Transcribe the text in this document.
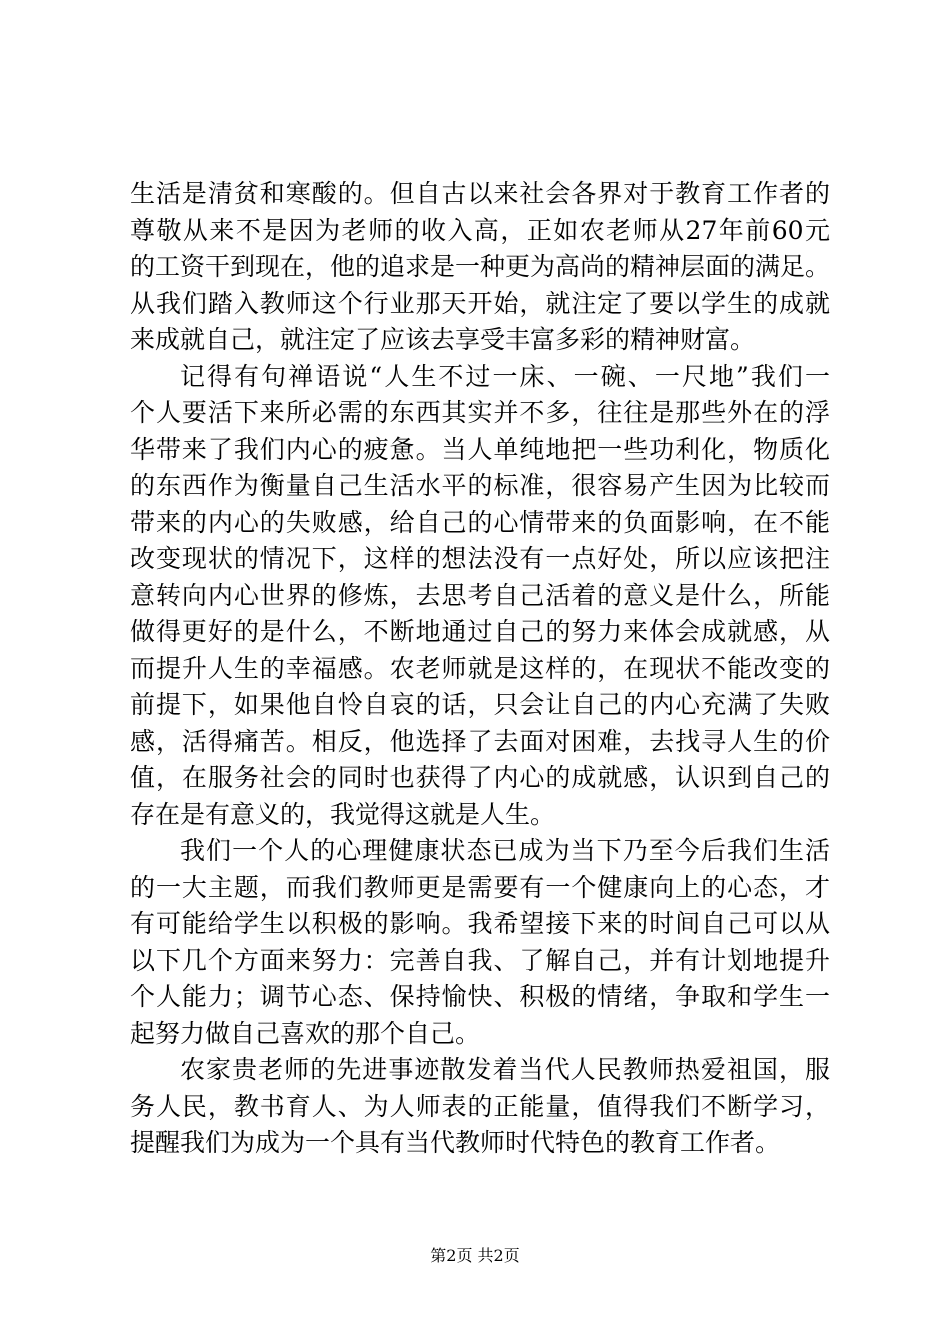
生活是清贫和寒酸的。但自古以来社会各界对于教育工作者的
尊敬从来不是因为老师的收入高，正如农老师从27年前60元
的工资干到现在，他的追求是一种更为高尚的精神层面的满足。
从我们踏入教师这个行业那天开始，就注定了要以学生的成就
来成就自己，就注定了应该去享受丰富多彩的精神财富。
记得有句禅语说“人生不过一床、一碗、一尺地”我们一
个人要活下来所必需的东西其实并不多，往往是那些外在的浮
华带来了我们内心的疲惫。当人单纯地把一些功利化，物质化
的东西作为衡量自己生活水平的标准，很容易产生因为比较而
带来的内心的失败感，给自己的心情带来的负面影响，在不能
改变现状的情况下，这样的想法没有一点好处，所以应该把注
意转向内心世界的修炼，去思考自己活着的意义是什么，所能
做得更好的是什么，不断地通过自己的努力来体会成就感，从
而提升人生的幸福感。农老师就是这样的，在现状不能改变的
前提下，如果他自怜自哀的话，只会让自己的内心充满了失败
感，活得痛苦。相反，他选择了去面对困难，去找寻人生的价
值，在服务社会的同时也获得了内心的成就感，认识到自己的
存在是有意义的，我觉得这就是人生。
我们一个人的心理健康状态已成为当下乃至今后我们生活
的一大主题，而我们教师更是需要有一个健康向上的心态，才
有可能给学生以积极的影响。我希望接下来的时间自己可以从
以下几个方面来努力：完善自我、了解自己，并有计划地提升
个人能力；调节心态、保持愉快、积极的情绪，争取和学生一
起努力做自己喜欢的那个自己。
农家贵老师的先进事迹散发着当代人民教师热爱祖国，服
务人民，教书育人、为人师表的正能量，值得我们不断学习，
提醒我们为成为一个具有当代教师时代特色的教育工作者。
第2页 共2页
